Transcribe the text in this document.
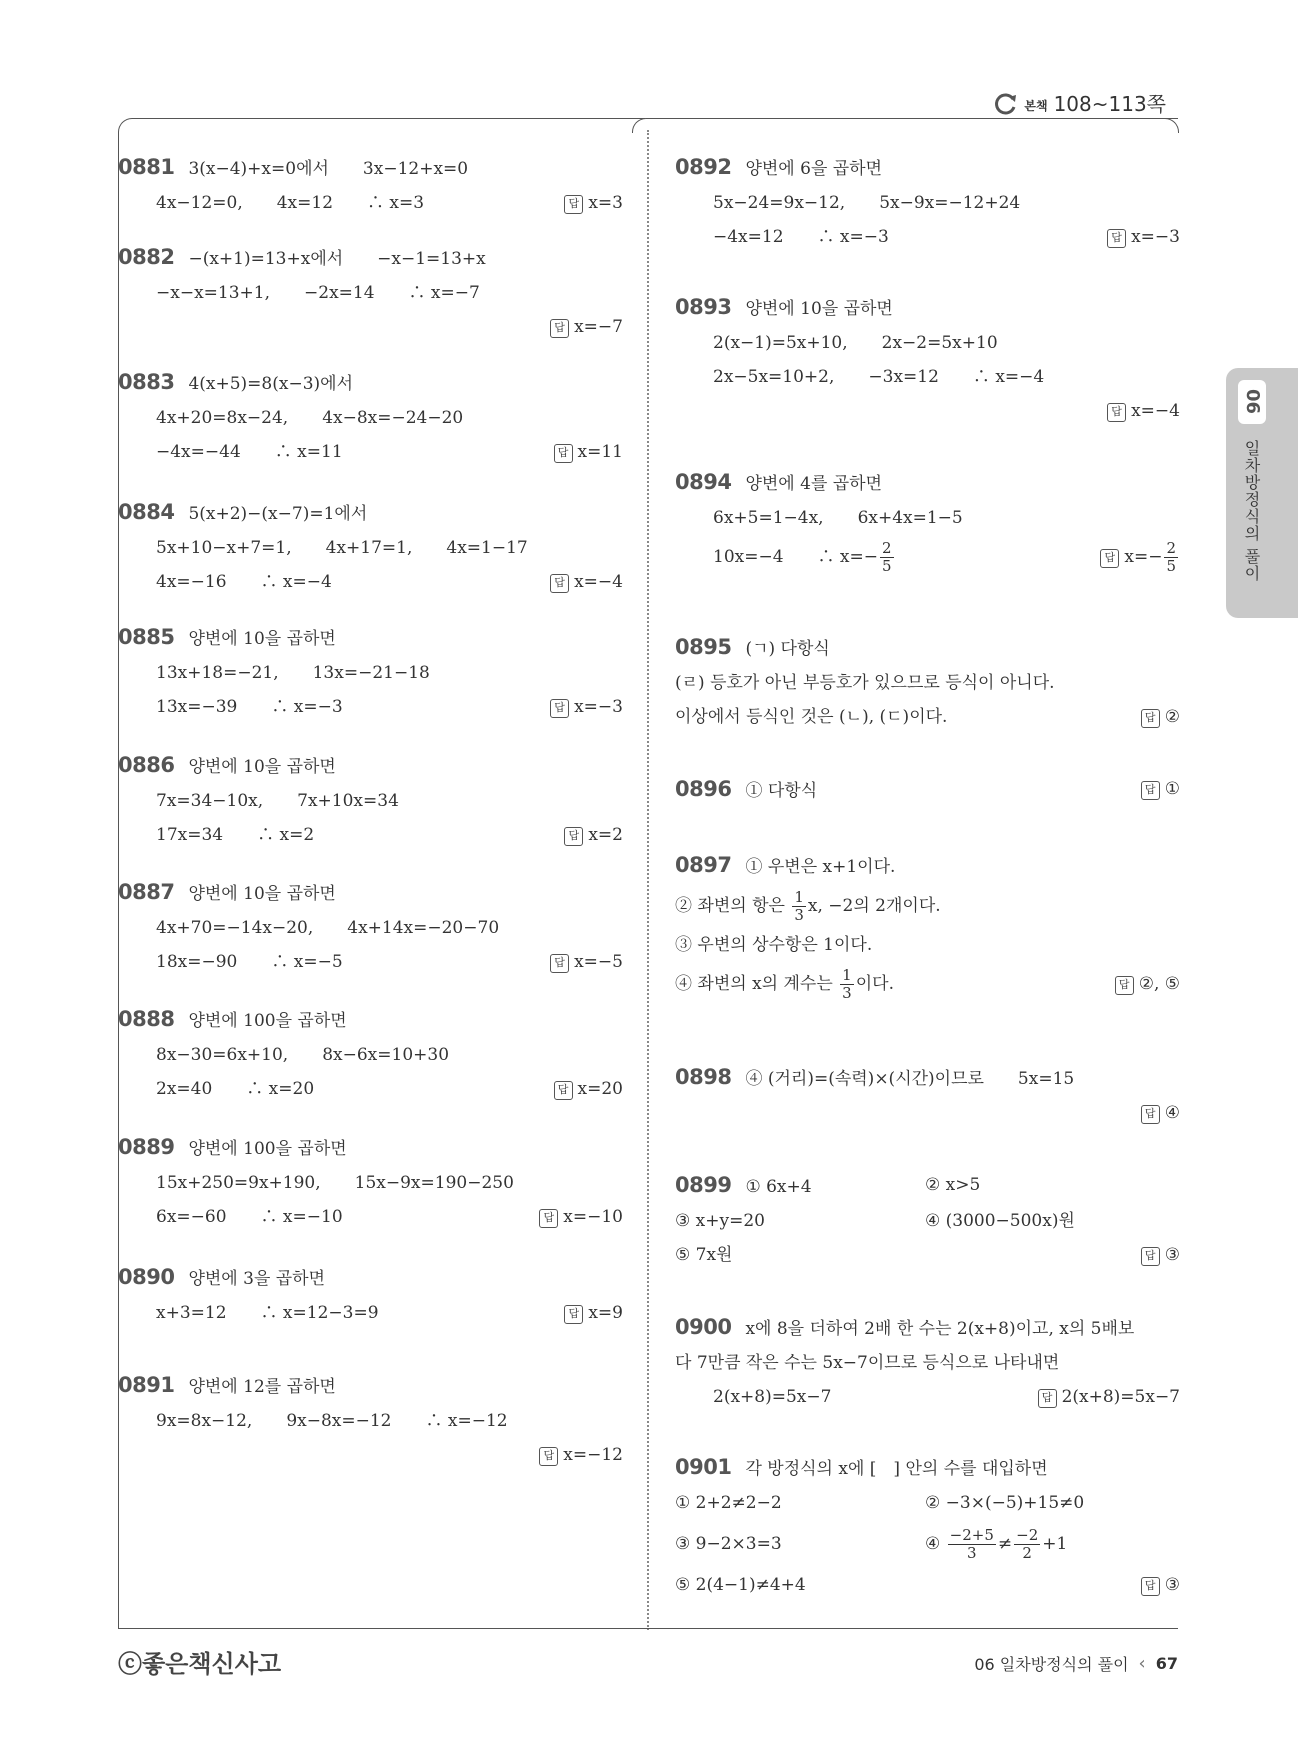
본책 108~113쪽
06
일차방정식의 풀이
0881 3(x−4)+x=0에서　　3x−12+x=0
4x−12=0,　　4x=12　　∴ x=3	답 x=3
0882 −(x+1)=13+x에서　　−x−1=13+x
−x−x=13+1,　　−2x=14　　∴ x=−7

답 x=−7
0883 4(x+5)=8(x−3)에서
4x+20=8x−24,　　4x−8x=−24−20
−4x=−44　　∴ x=11	답 x=11
0884 5(x+2)−(x−7)=1에서
5x+10−x+7=1,　　4x+17=1,　　4x=1−17
4x=−16　　∴ x=−4	답 x=−4
0885 양변에 10을 곱하면
13x+18=−21,　　13x=−21−18
13x=−39　　∴ x=−3	답 x=−3
0886 양변에 10을 곱하면
7x=34−10x,　　7x+10x=34
17x=34　　∴ x=2	답 x=2
0887 양변에 10을 곱하면
4x+70=−14x−20,　　4x+14x=−20−70
18x=−90　　∴ x=−5	답 x=−5
0888 양변에 100을 곱하면
8x−30=6x+10,　　8x−6x=10+30
2x=40　　∴ x=20	답 x=20
0889 양변에 100을 곱하면
15x+250=9x+190,　　15x−9x=190−250
6x=−60　　∴ x=−10	답 x=−10
0890 양변에 3을 곱하면
x+3=12　　∴ x=12−3=9	답 x=9
0891 양변에 12를 곱하면
9x=8x−12,　　9x−8x=−12　　∴ x=−12

답 x=−12
0892 양변에 6을 곱하면
5x−24=9x−12,　　5x−9x=−12+24
−4x=12　　∴ x=−3	답 x=−3
0893 양변에 10을 곱하면
2(x−1)=5x+10,　　2x−2=5x+10
2x−5x=10+2,　　−3x=12　　∴ x=−4
답 x=−4

0894 양변에 4를 곱하면
6x+5=1−4x,　　6x+4x=1−5
10x=−4　　∴ $x=- \frac{2}{5}$	답 $x=- \frac{2}{5}$
0895 (ㄱ) 다항식
(ㄹ) 등호가 아닌 부등호가 있으므로 등식이 아니다.
이상에서 등식인 것은 (ㄴ), (ㄷ)이다.	답 ②
0896 ① 다항식	답 ①
0897 ① 우변은 x+1이다.
② 좌변의 항은 $\frac{1}{3} x$, −2의 2개이다.
③ 우변의 상수항은 1이다.
④ 좌변의 x의 계수는 $\frac{1}{3}$ 이다.	답 ②, ⑤
0898 ④ (거리)=(속력)×(시간)이므로　　5x=15
답 ④

0899 ① 6x+4	② x>5
③ x+y=20	④ (3000−500x)원
⑤ 7x원	답 ③
0900 x에 8을 더하여 2배 한 수는 2(x+8)이고, x의 5배보
다 7만큼 작은 수는 5x−7이므로 등식으로 나타내면
2(x+8)=5x−7	답 2(x+8)=5x−7
0901 각 방정식의 x에 [　] 안의 수를 대입하면
① 2+2≠2−2	② −3×(−5)+15≠0
③ 9−2×3=3	④ $\frac{-2+5}{3} \ne \frac{-2}{2} +1$
⑤ 2(4−1)≠4+4	답 ③
ⓒ좋은책신사고	06 일차방정식의 풀이 ‹ 67
